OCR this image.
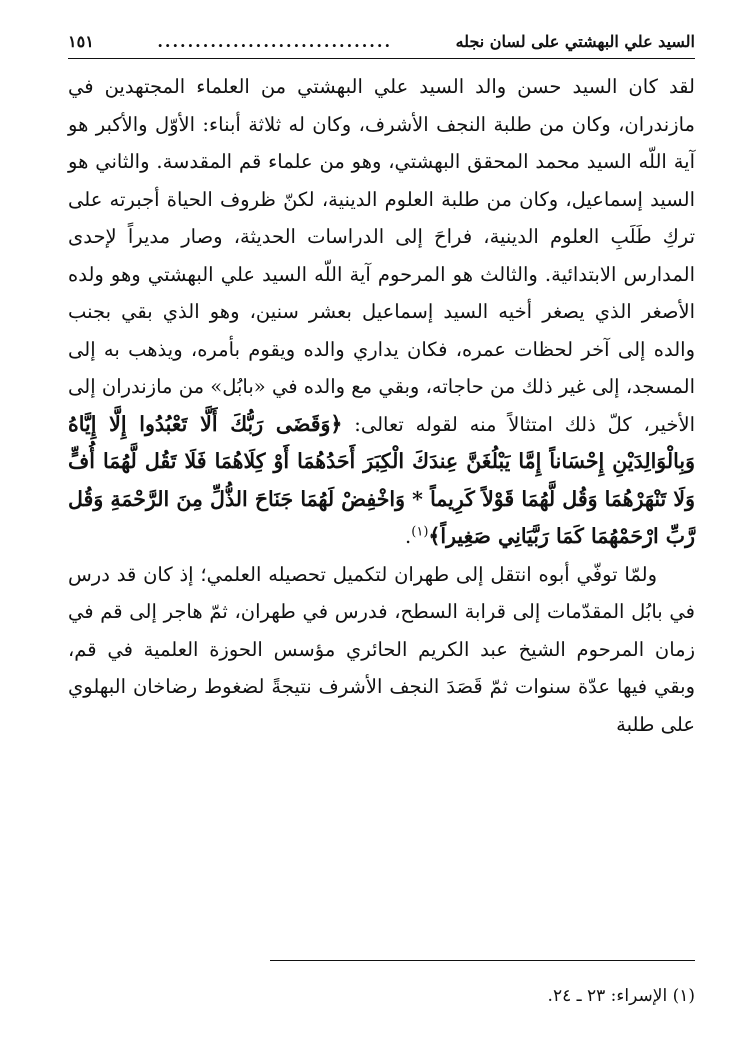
السيد علي البهشتي على لسان نجله
...............................
١٥١

لقد كان السيد حسن والد السيد علي البهشتي من العلماء المجتهدين في مازندران، وكان من طلبة النجف الأشرف، وكان له ثلاثة أبناء: الأوّل والأكبر هو آية اللّه السيد محمد المحقق البهشتي، وهو من علماء قم المقدسة. والثاني هو السيد إسماعيل، وكان من طلبة العلوم الدينية، لكنّ ظروف الحياة أجبرته على تركِ طَلَبِ العلوم الدينية، فراحَ إلى الدراسات الحديثة، وصار مديراً لإحدى المدارس الابتدائية. والثالث هو المرحوم آية اللّه السيد علي البهشتي وهو ولده الأصغر الذي يصغر أخيه السيد إسماعيل بعشر سنين، وهو الذي بقي بجنب والده إلى آخر لحظات عمره، فكان يداري والده ويقوم بأمره، ويذهب به إلى المسجد، إلى غير ذلك من حاجاته، وبقي مع والده في «بابُل» من مازندران إلى الأخير، كلّ ذلك امتثالاً منه لقوله تعالى: ﴿وَقَضَى رَبُّكَ أَلَّا تَعْبُدُوا إِلَّا إِيَّاهُ وَبِالْوَالِدَيْنِ إِحْسَاناً إِمَّا يَبْلُغَنَّ عِندَكَ الْكِبَرَ أَحَدُهُمَا أَوْ كِلَاهُمَا فَلَا تَقُل لَّهُمَا أُفٍّ وَلَا تَنْهَرْهُمَا وَقُل لَّهُمَا قَوْلاً كَرِيماً * وَاخْفِضْ لَهُمَا جَنَاحَ الذُّلِّ مِنَ الرَّحْمَةِ وَقُل رَّبِّ ارْحَمْهُمَا كَمَا رَبَّيَانِي صَغِيراً﴾$^{(١)}$.

ولمّا توفّي أبوه انتقل إلى طهران لتكميل تحصيله العلمي؛ إذ كان قد درس في بابُل المقدّمات إلى قرابة السطح، فدرس في طهران، ثمّ هاجر إلى قم في زمان المرحوم الشيخ عبد الكريم الحائري مؤسس الحوزة العلمية في قم، وبقي فيها عدّة سنوات ثمّ قَصَدَ النجف الأشرف نتيجةً لضغوط رضاخان البهلوي على طلبة

(١) الإسراء: ٢٣ ـ ٢٤.
